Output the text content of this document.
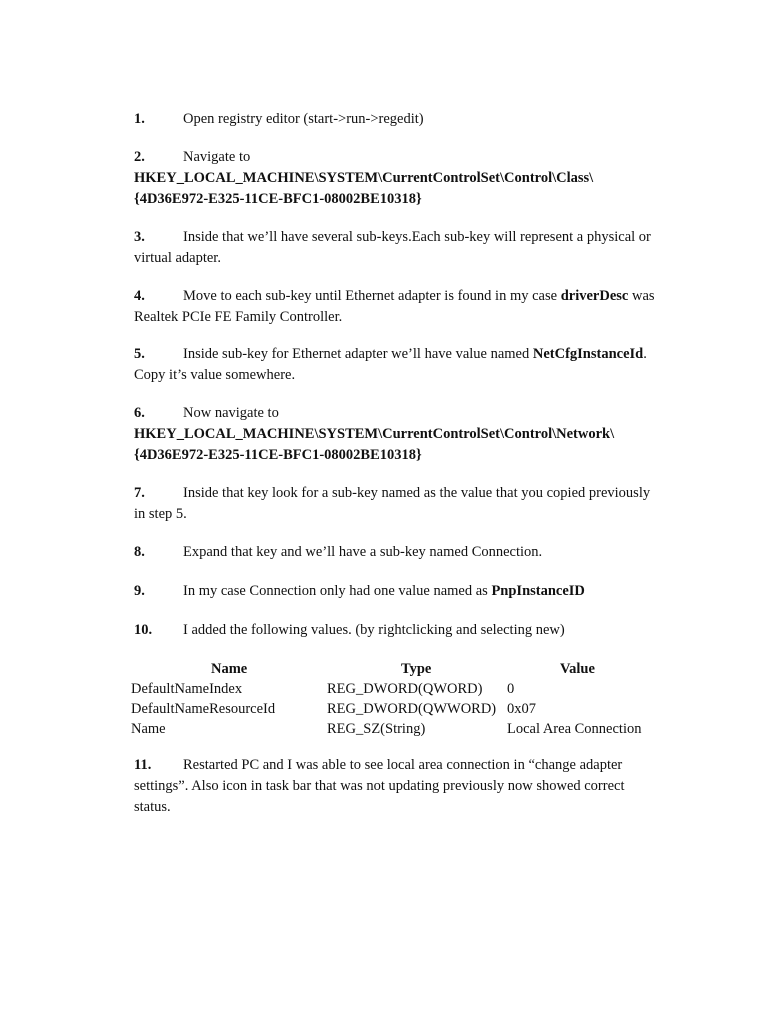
1.	Open registry editor (start->run->regedit)
2.	Navigate to
HKEY_LOCAL_MACHINE\SYSTEM\CurrentControlSet\Control\Class\
{4D36E972-E325-11CE-BFC1-08002BE10318}
3.	Inside that we’ll have several sub-keys.Each sub-key will represent a physical or
virtual adapter.
4.	Move to each sub-key until Ethernet adapter is found in my case driverDesc was
Realtek PCIe FE Family Controller.
5.	Inside sub-key for Ethernet adapter we’ll have value named NetCfgInstanceId.
Copy it’s value somewhere.
6.	Now navigate to
HKEY_LOCAL_MACHINE\SYSTEM\CurrentControlSet\Control\Network\
{4D36E972-E325-11CE-BFC1-08002BE10318}
7.	Inside that key look for a sub-key named as the value that you copied previously
in step 5.
8.	Expand that key and we’ll have a sub-key named Connection.
9.	In my case Connection only had one value named as PnpInstanceID
10. I added the following values. (by rightclicking and selecting new)
Name	Type	Value
DefaultNameIndex	REG_DWORD(QWORD) 0
DefaultNameResourceId	REG_DWORD(QWWORD) 0x07
Name	REG_SZ(String)	Local Area Connection
11. Restarted PC and I was able to see local area connection in “change adapter
settings”. Also icon in task bar that was not updating previously now showed correct
status.
